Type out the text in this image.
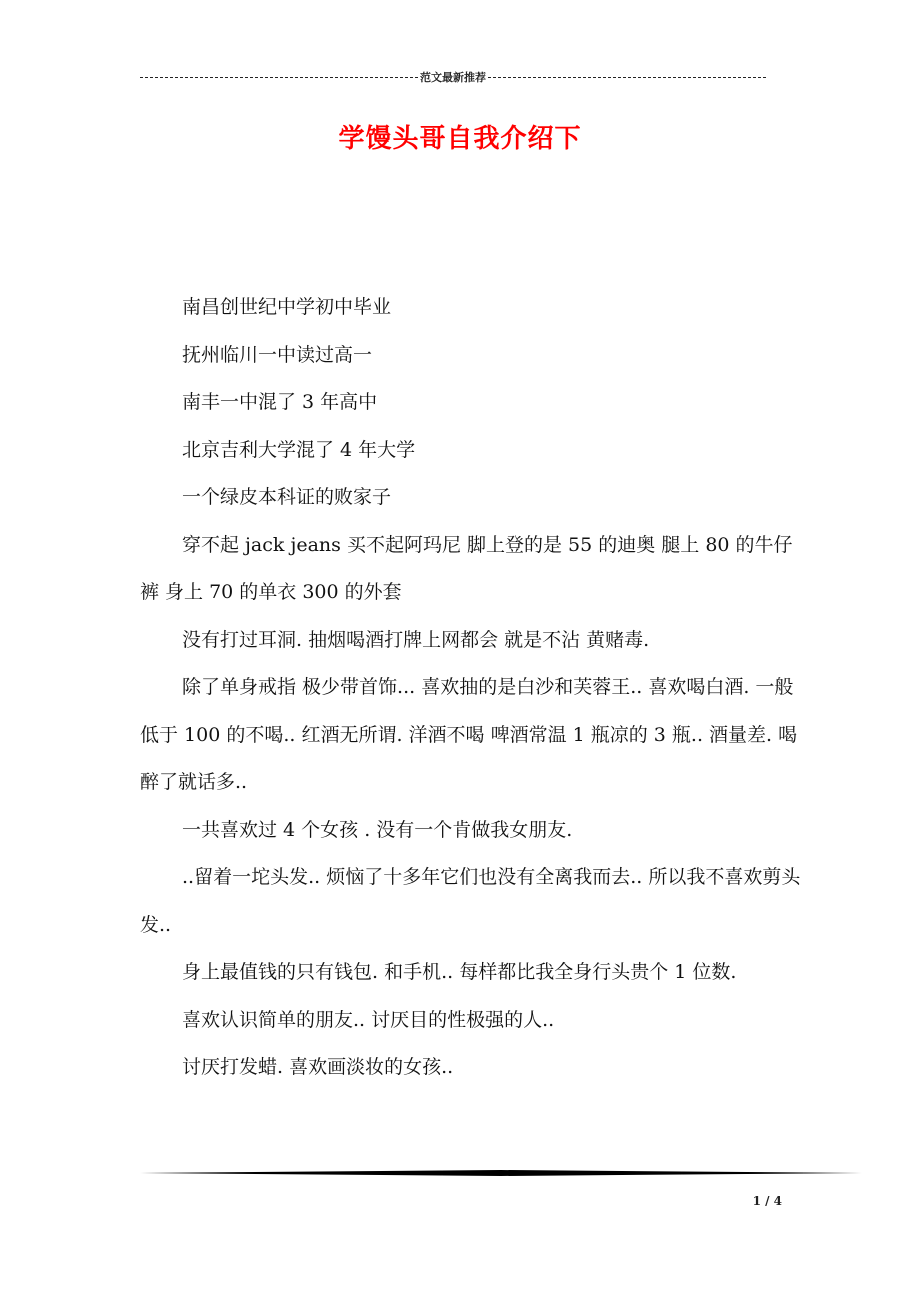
范文最新推荐
学馒头哥自我介绍下

南昌创世纪中学初中毕业

抚州临川一中读过高一

南丰一中混了 3 年高中

北京吉利大学混了 4 年大学

一个绿皮本科证的败家子

穿不起 jack jeans 买不起阿玛尼 脚上登的是 55 的迪奥 腿上 80 的牛仔裤 身上 70 的单衣 300 的外套

没有打过耳洞. 抽烟喝酒打牌上网都会 就是不沾 黄赌毒.

除了单身戒指 极少带首饰... 喜欢抽的是白沙和芙蓉王.. 喜欢喝白酒. 一般低于 100 的不喝.. 红酒无所谓. 洋酒不喝 啤酒常温 1 瓶凉的 3 瓶.. 酒量差. 喝醉了就话多..

一共喜欢过 4 个女孩 . 没有一个肯做我女朋友.

..留着一坨头发.. 烦恼了十多年它们也没有全离我而去.. 所以我不喜欢剪头发..

身上最值钱的只有钱包. 和手机.. 每样都比我全身行头贵个 1 位数.

喜欢认识简单的朋友.. 讨厌目的性极强的人..

讨厌打发蜡. 喜欢画淡妆的女孩..

1 / 4
